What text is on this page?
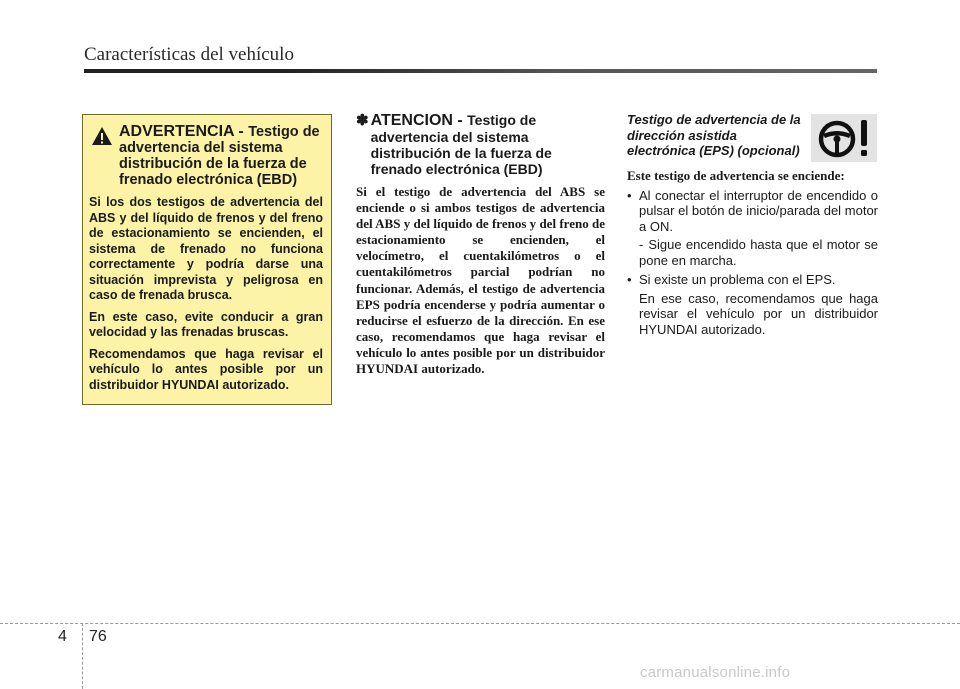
Características del vehículo
ADVERTENCIA - Testigo de advertencia del sistema distribución de la fuerza de frenado electrónica (EBD)

Si los dos testigos de advertencia del ABS y del líquido de frenos y del freno de estacionamiento se encienden, el sistema de frenado no funciona correctamente y podría darse una situación imprevista y peligrosa en caso de frenada brusca.

En este caso, evite conducir a gran velocidad y las frenadas bruscas.

Recomendamos que haga revisar el vehículo lo antes posible por un distribuidor HYUNDAI autorizado.

✽ ATENCION - Testigo de advertencia del sistema distribución de la fuerza de frenado electrónica (EBD)
Si el testigo de advertencia del ABS se enciende o si ambos testigos de advertencia del ABS y del líquido de frenos y del freno de estacionamiento se encienden, el velocímetro, el cuentakilómetros o el cuentakilómetros parcial podrían no funcionar. Además, el testigo de advertencia EPS podría encenderse y podría aumentar o reducirse el esfuerzo de la dirección. En ese caso, recomendamos que haga revisar el vehículo lo antes posible por un distribuidor HYUNDAI autorizado.
Testigo de advertencia de la dirección asistida electrónica (EPS) (opcional)
Este testigo de advertencia se enciende:
• Al conectar el interruptor de encendido o pulsar el botón de inicio/parada del motor a ON.
- Sigue encendido hasta que el motor se pone en marcha.
• Si existe un problema con el EPS.
En ese caso, recomendamos que haga revisar el vehículo por un distribuidor HYUNDAI autorizado.
4 76
carmanualsonline.info
